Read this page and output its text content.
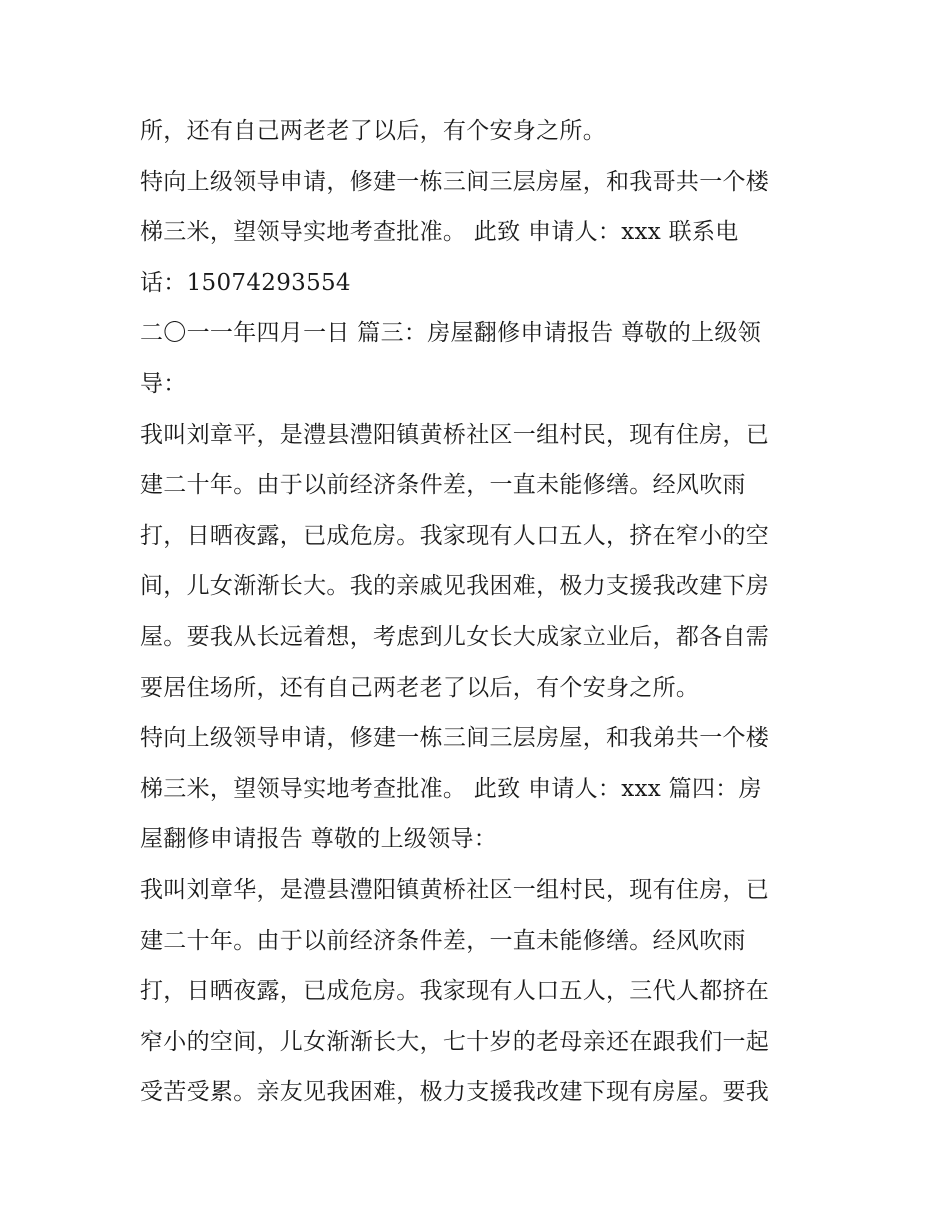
所，还有自己两老老了以后，有个安身之所。
特向上级领导申请，修建一栋三间三层房屋，和我哥共一个楼
梯三米，望领导实地考查批准。 此致 申请人：xxx 联系电
话：15074293554
二〇一一年四月一日 篇三：房屋翻修申请报告 尊敬的上级领
导：
我叫刘章平，是澧县澧阳镇黄桥社区一组村民，现有住房，已
建二十年。由于以前经济条件差，一直未能修缮。经风吹雨
打，日晒夜露，已成危房。我家现有人口五人，挤在窄小的空
间，儿女渐渐长大。我的亲戚见我困难，极力支援我改建下房
屋。要我从长远着想，考虑到儿女长大成家立业后，都各自需
要居住场所，还有自己两老老了以后，有个安身之所。
特向上级领导申请，修建一栋三间三层房屋，和我弟共一个楼
梯三米，望领导实地考查批准。 此致 申请人：xxx 篇四：房
屋翻修申请报告 尊敬的上级领导：
我叫刘章华，是澧县澧阳镇黄桥社区一组村民，现有住房，已
建二十年。由于以前经济条件差，一直未能修缮。经风吹雨
打，日晒夜露，已成危房。我家现有人口五人，三代人都挤在
窄小的空间，儿女渐渐长大，七十岁的老母亲还在跟我们一起
受苦受累。亲友见我困难，极力支援我改建下现有房屋。要我
